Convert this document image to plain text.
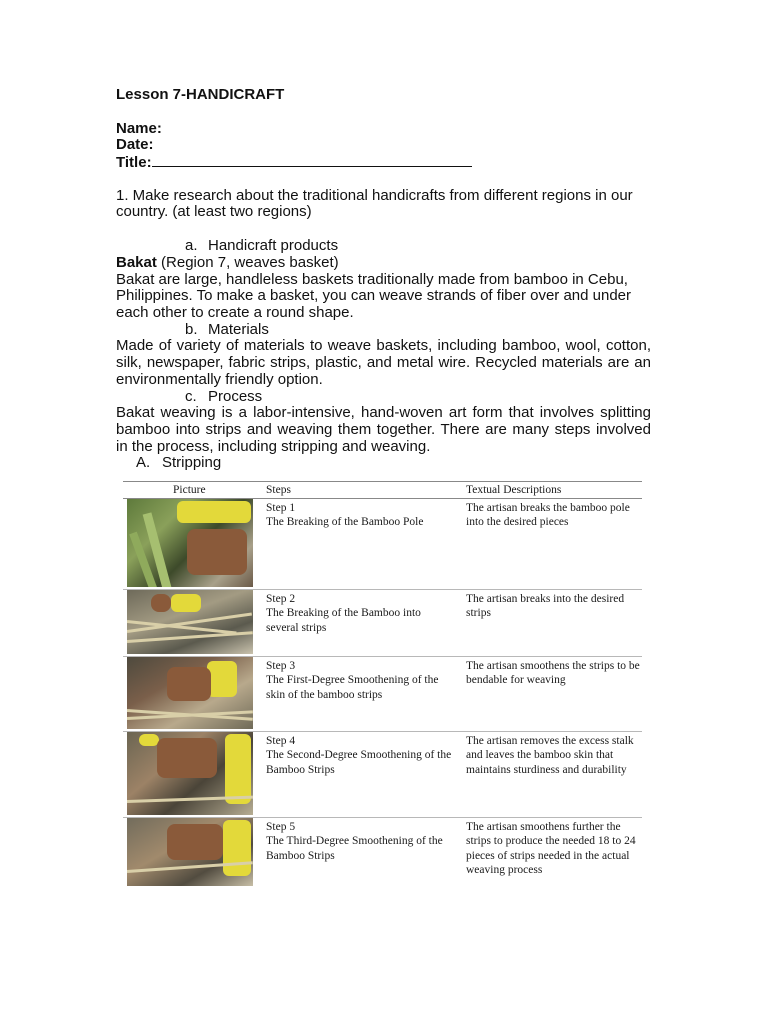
Lesson 7-HANDICRAFT

Name:
Date:
Title:
1. Make research about the traditional handicrafts from different regions in our country. (at least two regions)
a. Handicraft products
Bakat (Region 7, weaves basket)
Bakat are large, handleless baskets traditionally made from bamboo in Cebu, Philippines. To make a basket, you can weave strands of fiber over and under each other to create a round shape.
b. Materials
Made of variety of materials to weave baskets, including bamboo, wool, cotton, silk, newspaper, fabric strips, plastic, and metal wire. Recycled materials are an environmentally friendly option.
c. Process
Bakat weaving is a labor-intensive, hand-woven art form that involves splitting bamboo into strips and weaving them together. There are many steps involved in the process, including stripping and weaving.
A. Stripping
Picture	Steps	Textual Descriptions
Step 1
The Breaking of the Bamboo Pole
The artisan breaks the bamboo pole into the desired pieces
Step 2
The Breaking of the Bamboo into several strips
The artisan breaks into the desired strips
Step 3
The First-Degree Smoothening of the skin of the bamboo strips
The artisan smoothens the strips to be bendable for weaving
Step 4
The Second-Degree Smoothening of the Bamboo Strips
The artisan removes the excess stalk and leaves the bamboo skin that maintains sturdiness and durability
Step 5
The Third-Degree Smoothening of the Bamboo Strips
The artisan smoothens further the strips to produce the needed 18 to 24 pieces of strips needed in the actual weaving process
